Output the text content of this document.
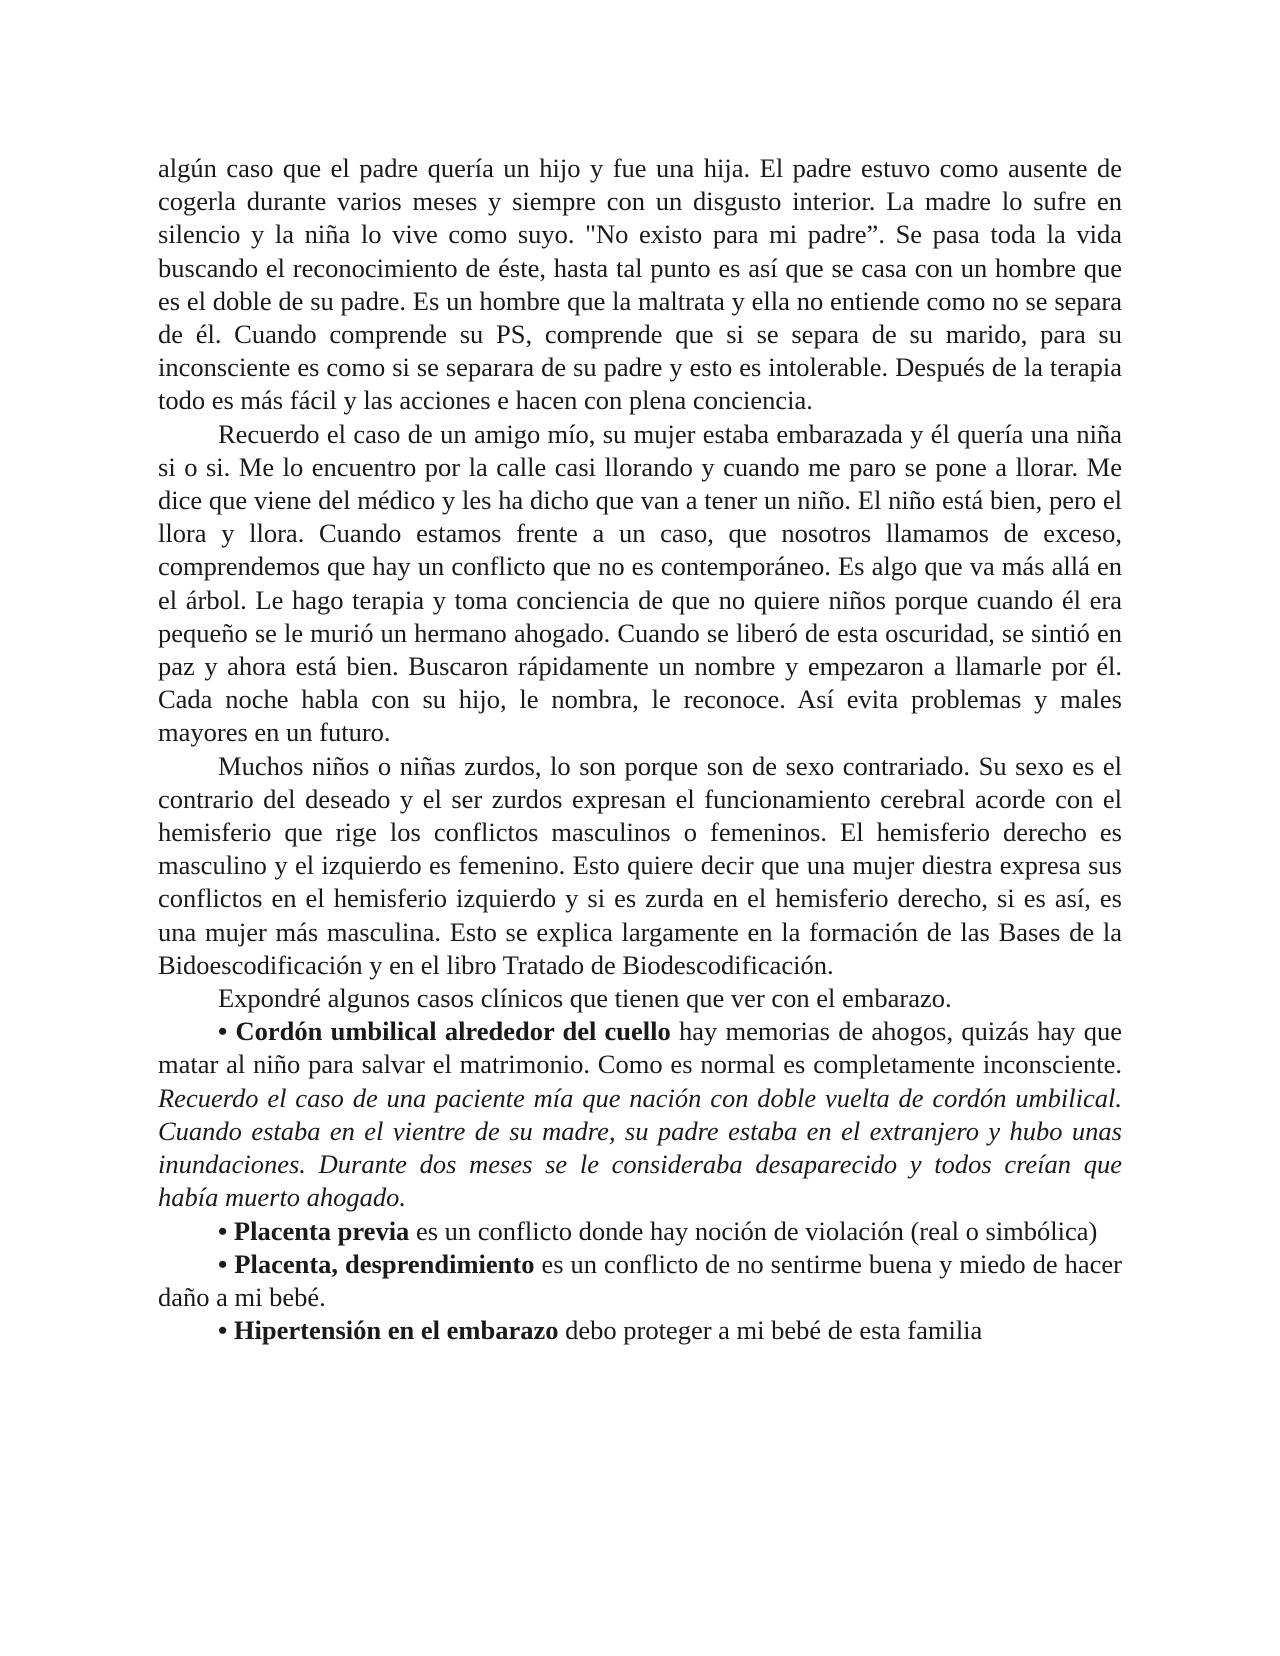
algún caso que el padre quería un hijo y fue una hija. El padre estuvo como ausente de cogerla durante varios meses y siempre con un disgusto interior. La madre lo sufre en silencio y la niña lo vive como suyo. "No existo para mi padre”. Se pasa toda la vida buscando el reconocimiento de éste, hasta tal punto es así que se casa con un hombre que es el doble de su padre. Es un hombre que la maltrata y ella no entiende como no se separa de él. Cuando comprende su PS, comprende que si se separa de su marido, para su inconsciente es como si se separara de su padre y esto es intolerable. Después de la terapia todo es más fácil y las acciones e hacen con plena conciencia.

Recuerdo el caso de un amigo mío, su mujer estaba embarazada y él quería una niña si o si. Me lo encuentro por la calle casi llorando y cuando me paro se pone a llorar. Me dice que viene del médico y les ha dicho que van a tener un niño. El niño está bien, pero el llora y llora. Cuando estamos frente a un caso, que nosotros llamamos de exceso, comprendemos que hay un conflicto que no es contemporáneo. Es algo que va más allá en el árbol. Le hago terapia y toma conciencia de que no quiere niños porque cuando él era pequeño se le murió un hermano ahogado. Cuando se liberó de esta oscuridad, se sintió en paz y ahora está bien. Buscaron rápidamente un nombre y empezaron a llamarle por él. Cada noche habla con su hijo, le nombra, le reconoce. Así evita problemas y males mayores en un futuro.

Muchos niños o niñas zurdos, lo son porque son de sexo contrariado. Su sexo es el contrario del deseado y el ser zurdos expresan el funcionamiento cerebral acorde con el hemisferio que rige los conflictos masculinos o femeninos. El hemisferio derecho es masculino y el izquierdo es femenino. Esto quiere decir que una mujer diestra expresa sus conflictos en el hemisferio izquierdo y si es zurda en el hemisferio derecho, si es así, es una mujer más masculina. Esto se explica largamente en la formación de las Bases de la Bidoescodificación y en el libro Tratado de Biodescodificación.

Expondré algunos casos clínicos que tienen que ver con el embarazo.

• Cordón umbilical alrededor del cuello hay memorias de ahogos, quizás hay que matar al niño para salvar el matrimonio. Como es normal es completamente inconsciente. Recuerdo el caso de una paciente mía que nación con doble vuelta de cordón umbilical. Cuando estaba en el vientre de su madre, su padre estaba en el extranjero y hubo unas inundaciones. Durante dos meses se le consideraba desaparecido y todos creían que había muerto ahogado.

• Placenta previa es un conflicto donde hay noción de violación (real o simbólica)

• Placenta, desprendimiento es un conflicto de no sentirme buena y miedo de hacer daño a mi bebé.

• Hipertensión en el embarazo debo proteger a mi bebé de esta familia
